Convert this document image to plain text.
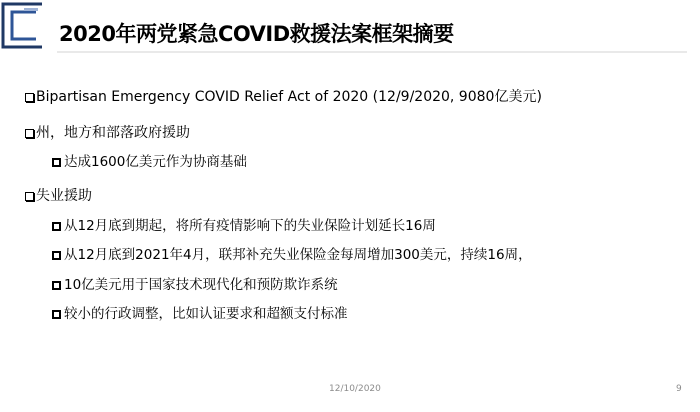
2020年两党紧急COVID救援法案框架摘要
Bipartisan Emergency COVID Relief Act of 2020 (12/9/2020, 9080亿美元)
州，地方和部落政府援助
达成1600亿美元作为协商基础
失业援助
从12月底到期起，将所有疫情影响下的失业保险计划延长16周
从12月底到2021年4月，联邦补充失业保险金每周增加300美元，持续16周，
10亿美元用于国家技术现代化和预防欺诈系统
较小的行政调整，比如认证要求和超额支付标准
12/10/2020	9
